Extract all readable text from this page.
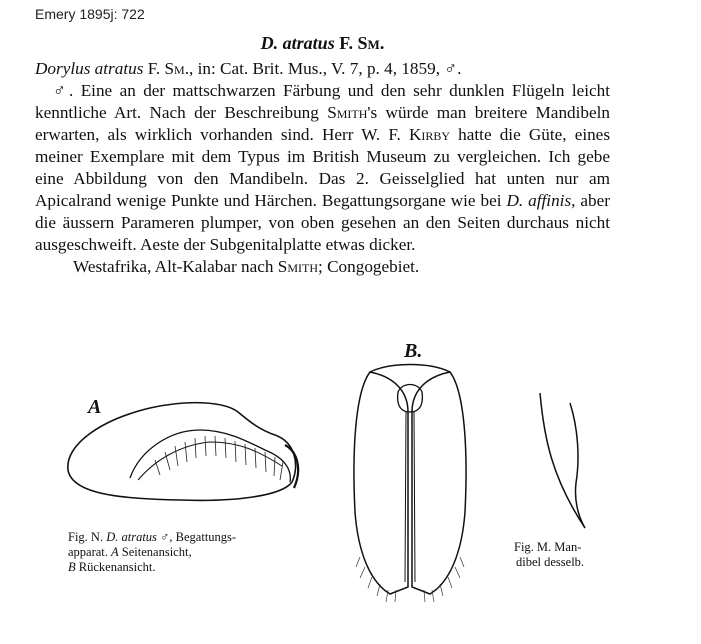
Emery 1895j: 722

D. atratus F. Sm.

Dorylus atratus F. Sm., in: Cat. Brit. Mus., V. 7, p. 4, 1859, ♂.

♂. Eine an der mattschwarzen Färbung und den sehr dunklen Flügeln leicht kenntliche Art. Nach der Beschreibung Smith's würde man breitere Mandibeln erwarten, als wirklich vorhanden sind. Herr W. F. Kirby hatte die Güte, eines meiner Exemplare mit dem Typus im British Museum zu vergleichen. Ich gebe eine Abbildung von den Mandibeln. Das 2. Geisselglied hat unten nur am Apicalrand wenige Punkte und Härchen. Begattungsorgane wie bei D. affinis, aber die äussern Parameren plumper, von oben gesehen an den Seiten durchaus nicht ausgeschweift. Aeste der Subgenitalplatte etwas dicker.

Westafrika, Alt-Kalabar nach Smith; Congogebiet.

A
Fig. N. D. atratus ♂, Begattungs-
apparat. A Seitenansicht,
B Rückenansicht.
B.
Fig. M. Man-
dibel desselb.
